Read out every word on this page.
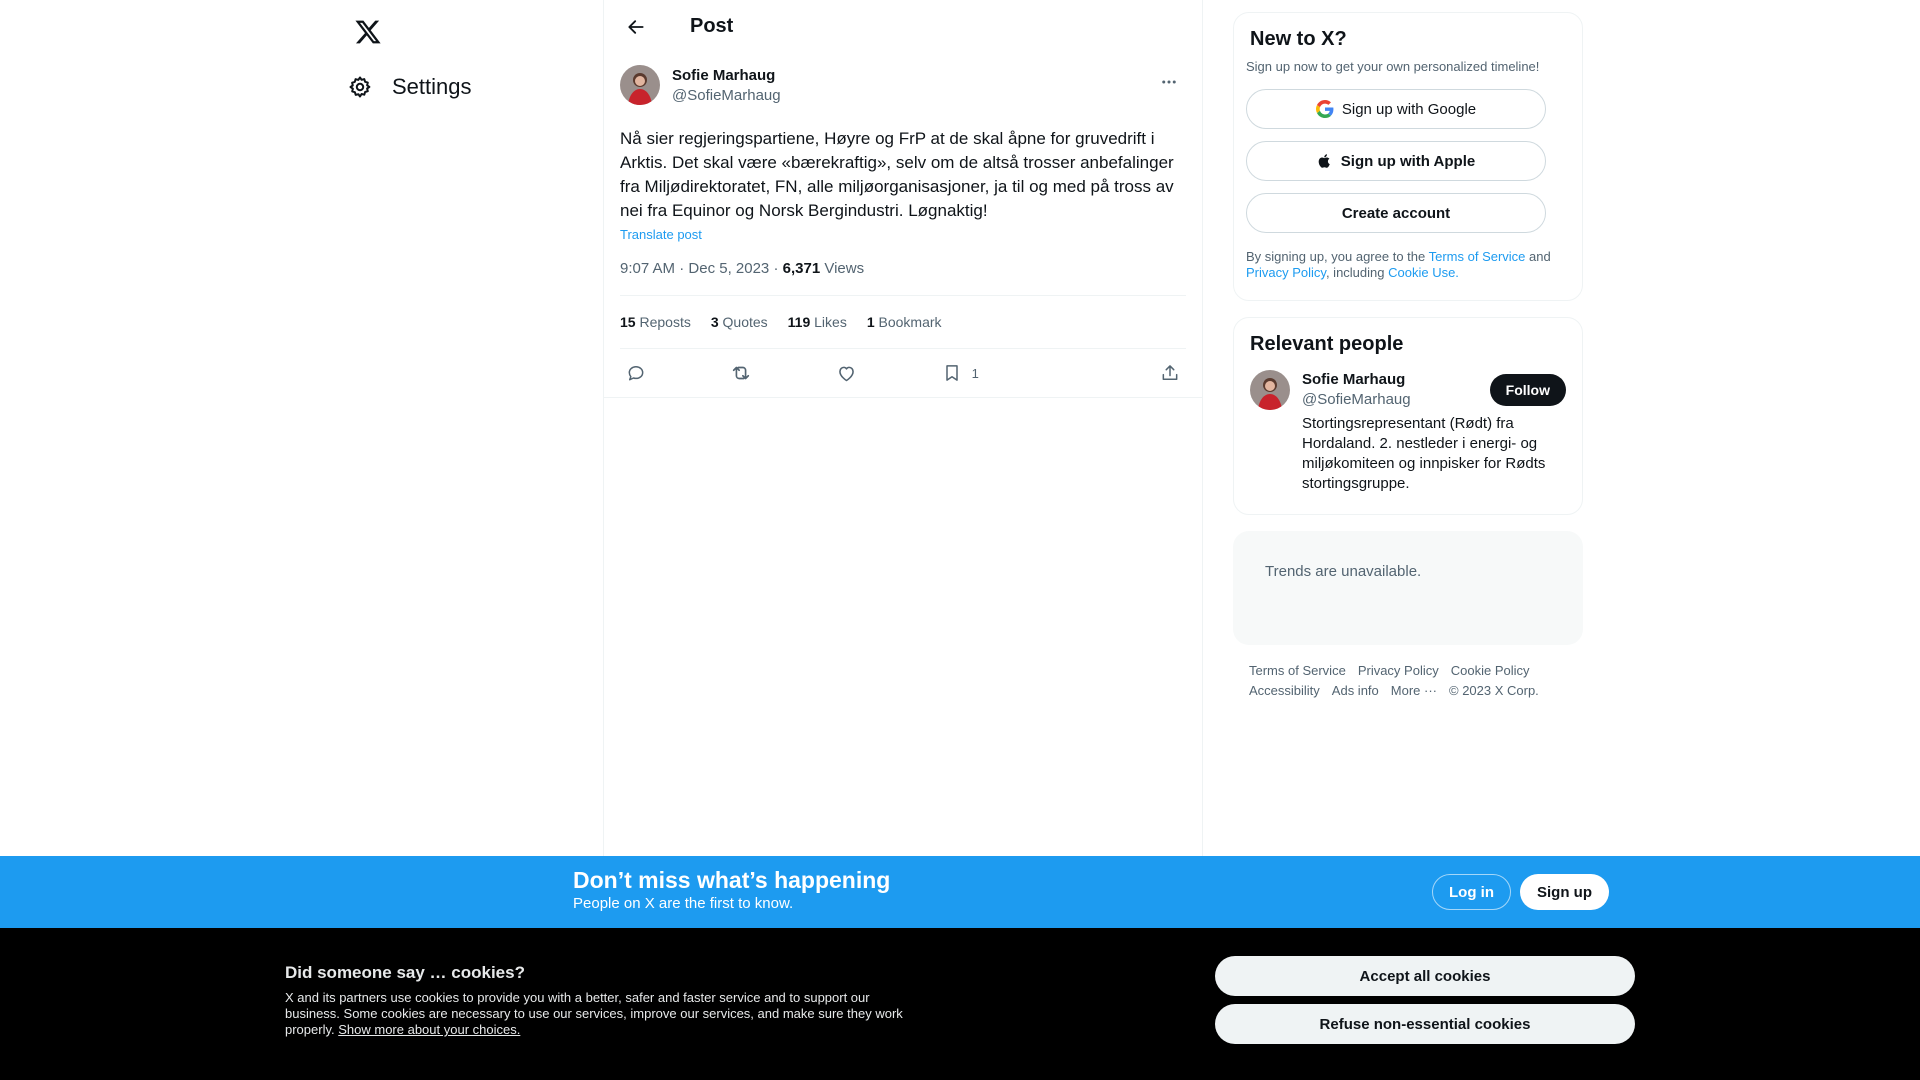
Settings
Post
Sofie Marhaug
@SofieMarhaug
Nå sier regjeringspartiene, Høyre og FrP at de skal åpne for gruvedrift i Arktis. Det skal være «bærekraftig», selv om de altså trosser anbefalinger fra Miljødirektoratet, FN, alle miljøorganisasjoner, ja til og med på tross av nei fra Equinor og Norsk Bergindustri. Løgnaktig!
Translate post
9:07 AM · Dec 5, 2023 · 6,371 Views
15 Reposts 3 Quotes 119 Likes 1 Bookmark
1
New to X?
Sign up now to get your own personalized timeline!
Sign up with Google
Sign up with Apple
Create account
By signing up, you agree to the Terms of Service and Privacy Policy, including Cookie Use.
Relevant people
Sofie Marhaug
@SofieMarhaug
Stortingsrepresentant (Rødt) fra Hordaland. 2. nestleder i energi- og miljøkomiteen og innpisker for Rødts stortingsgruppe.
Follow
Trends are unavailable.
Terms of Service Privacy Policy Cookie Policy
Accessibility Ads info More ··· © 2023 X Corp.
Don’t miss what’s happening
People on X are the first to know.
Log in	Sign up
Did someone say … cookies?
X and its partners use cookies to provide you with a better, safer and faster service and to support our business. Some cookies are necessary to use our services, improve our services, and make sure they work properly. Show more about your choices.
Accept all cookies
Refuse non-essential cookies
